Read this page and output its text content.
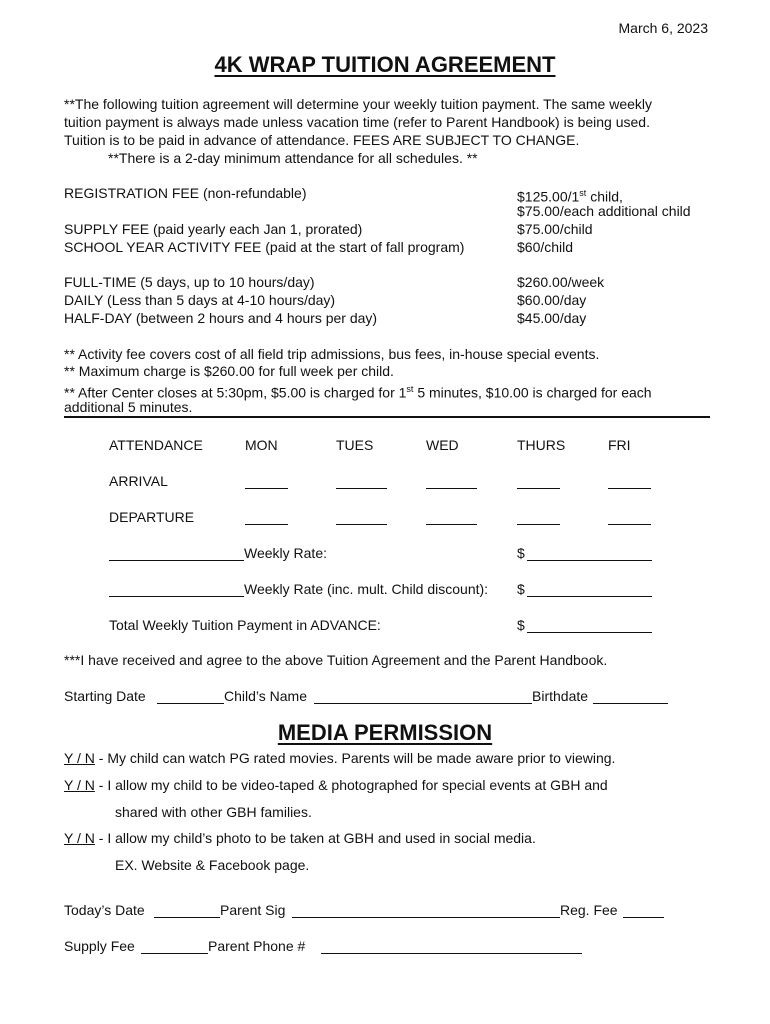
March 6, 2023
4K WRAP TUITION AGREEMENT
**The following tuition agreement will determine your weekly tuition payment. The same weekly
tuition payment is always made unless vacation time (refer to Parent Handbook) is being used.
Tuition is to be paid in advance of attendance. FEES ARE SUBJECT TO CHANGE.
**There is a 2-day minimum attendance for all schedules. **
REGISTRATION FEE (non-refundable)	$125.00/1st child,
$75.00/each additional child
SUPPLY FEE (paid yearly each Jan 1, prorated)	$75.00/child
SCHOOL YEAR ACTIVITY FEE (paid at the start of fall program)	$60/child
FULL-TIME (5 days, up to 10 hours/day)	$260.00/week
DAILY (Less than 5 days at 4-10 hours/day)	$60.00/day
HALF-DAY (between 2 hours and 4 hours per day)	$45.00/day
** Activity fee covers cost of all field trip admissions, bus fees, in-house special events.
** Maximum charge is $260.00 for full week per child.
** After Center closes at 5:30pm, $5.00 is charged for 1st 5 minutes, $10.00 is charged for each
additional 5 minutes.
ATTENDANCE	MON	TUES	WED	THURS	FRI
ARRIVAL
DEPARTURE
Weekly Rate:	$
Weekly Rate (inc. mult. Child discount): $
Total Weekly Tuition Payment in ADVANCE:	$
***I have received and agree to the above Tuition Agreement and the Parent Handbook.
Starting Date	Child’s Name	Birthdate
MEDIA PERMISSION
Y / N - My child can watch PG rated movies. Parents will be made aware prior to viewing.
Y / N - I allow my child to be video-taped & photographed for special events at GBH and
shared with other GBH families.
Y / N - I allow my child’s photo to be taken at GBH and used in social media.
EX. Website & Facebook page.
Today’s Date	Parent Sig	Reg. Fee
Supply Fee	Parent Phone #
